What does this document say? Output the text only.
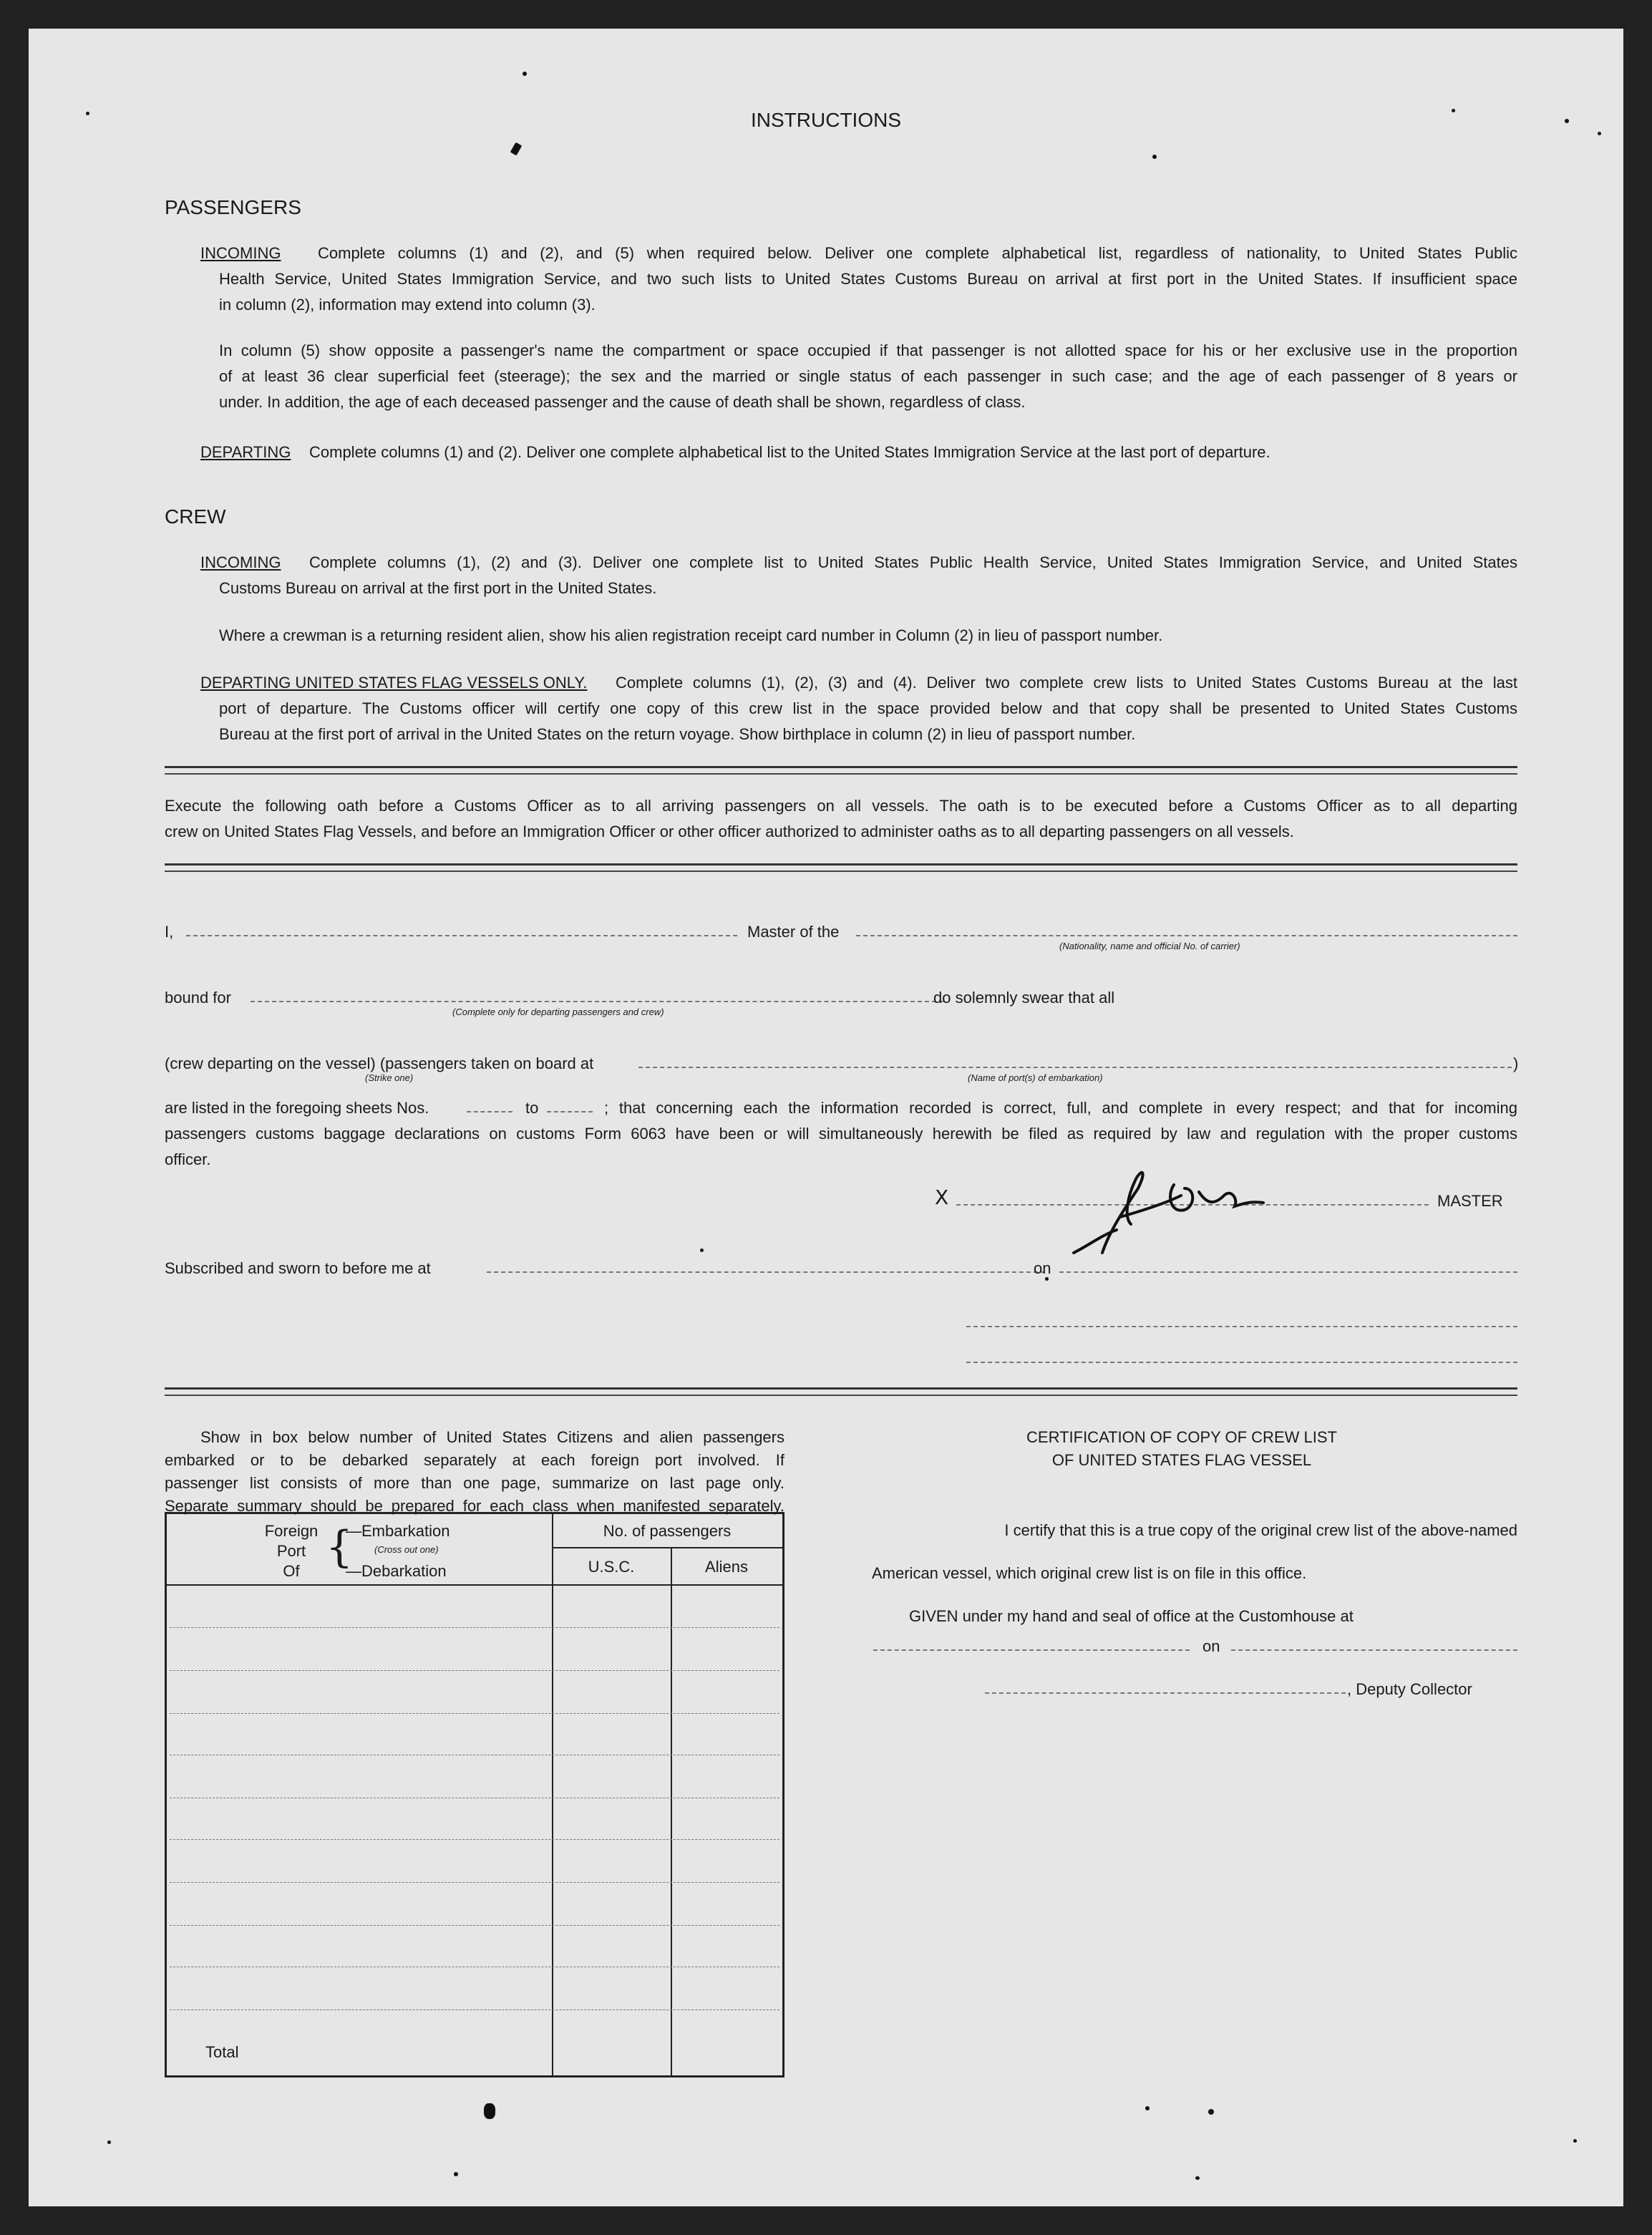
INSTRUCTIONS
PASSENGERS
INCOMING Complete columns (1) and (2), and (5) when required below. Deliver one complete alphabetical list, regardless of nationality, to United States Public
Health Service, United States Immigration Service, and two such lists to United States Customs Bureau on arrival at first port in the United States. If insufficient space
in column (2), information may extend into column (3).
In column (5) show opposite a passenger's name the compartment or space occupied if that passenger is not allotted space for his or her exclusive use in the proportion
of at least 36 clear superficial feet (steerage); the sex and the married or single status of each passenger in such case; and the age of each passenger of 8 years or
under. In addition, the age of each deceased passenger and the cause of death shall be shown, regardless of class.
DEPARTING Complete columns (1) and (2). Deliver one complete alphabetical list to the United States Immigration Service at the last port of departure.
CREW
INCOMING Complete columns (1), (2) and (3). Deliver one complete list to United States Public Health Service, United States Immigration Service, and United States
Customs Bureau on arrival at the first port in the United States.
Where a crewman is a returning resident alien, show his alien registration receipt card number in Column (2) in lieu of passport number.
DEPARTING UNITED STATES FLAG VESSELS ONLY. Complete columns (1), (2), (3) and (4). Deliver two complete crew lists to United States Customs Bureau at the last
port of departure. The Customs officer will certify one copy of this crew list in the space provided below and that copy shall be presented to United States Customs
Bureau at the first port of arrival in the United States on the return voyage. Show birthplace in column (2) in lieu of passport number.
Execute the following oath before a Customs Officer as to all arriving passengers on all vessels. The oath is to be executed before a Customs Officer as to all departing
crew on United States Flag Vessels, and before an Immigration Officer or other officer authorized to administer oaths as to all departing passengers on all vessels.
I,	Master of the
(Nationality, name and official No. of carrier)
bound for
(Complete only for departing passengers and crew)
do solemnly swear that all
(crew departing on the vessel) (passengers taken on board at	)
(Strike one)	(Name of port(s) of embarkation)
are listed in the foregoing sheets Nos.	to	; that concerning each the information recorded is correct, full, and complete in every respect; and that for incoming
passengers customs baggage declarations on customs Form 6063 have been or will simultaneously herewith be filed as required by law and regulation with the proper customs
officer.
X	MASTER
Subscribed and sworn to before me at	on
Show in box below number of United States Citizens and alien passengers
embarked or to be debarked separately at each foreign port involved. If
passenger list consists of more than one page, summarize on last page only.
Separate summary should be prepared for each class when manifested separately.
Foreign
Port
Of {
—Embarkation
(Cross out one)
—Debarkation
No. of passengers
U.S.C.	Aliens
Total
CERTIFICATION OF COPY OF CREW LIST
OF UNITED STATES FLAG VESSEL
I certify that this is a true copy of the original crew list of the above-named
American vessel, which original crew list is on file in this office.
GIVEN under my hand and seal of office at the Customhouse at
on
, Deputy Collector
